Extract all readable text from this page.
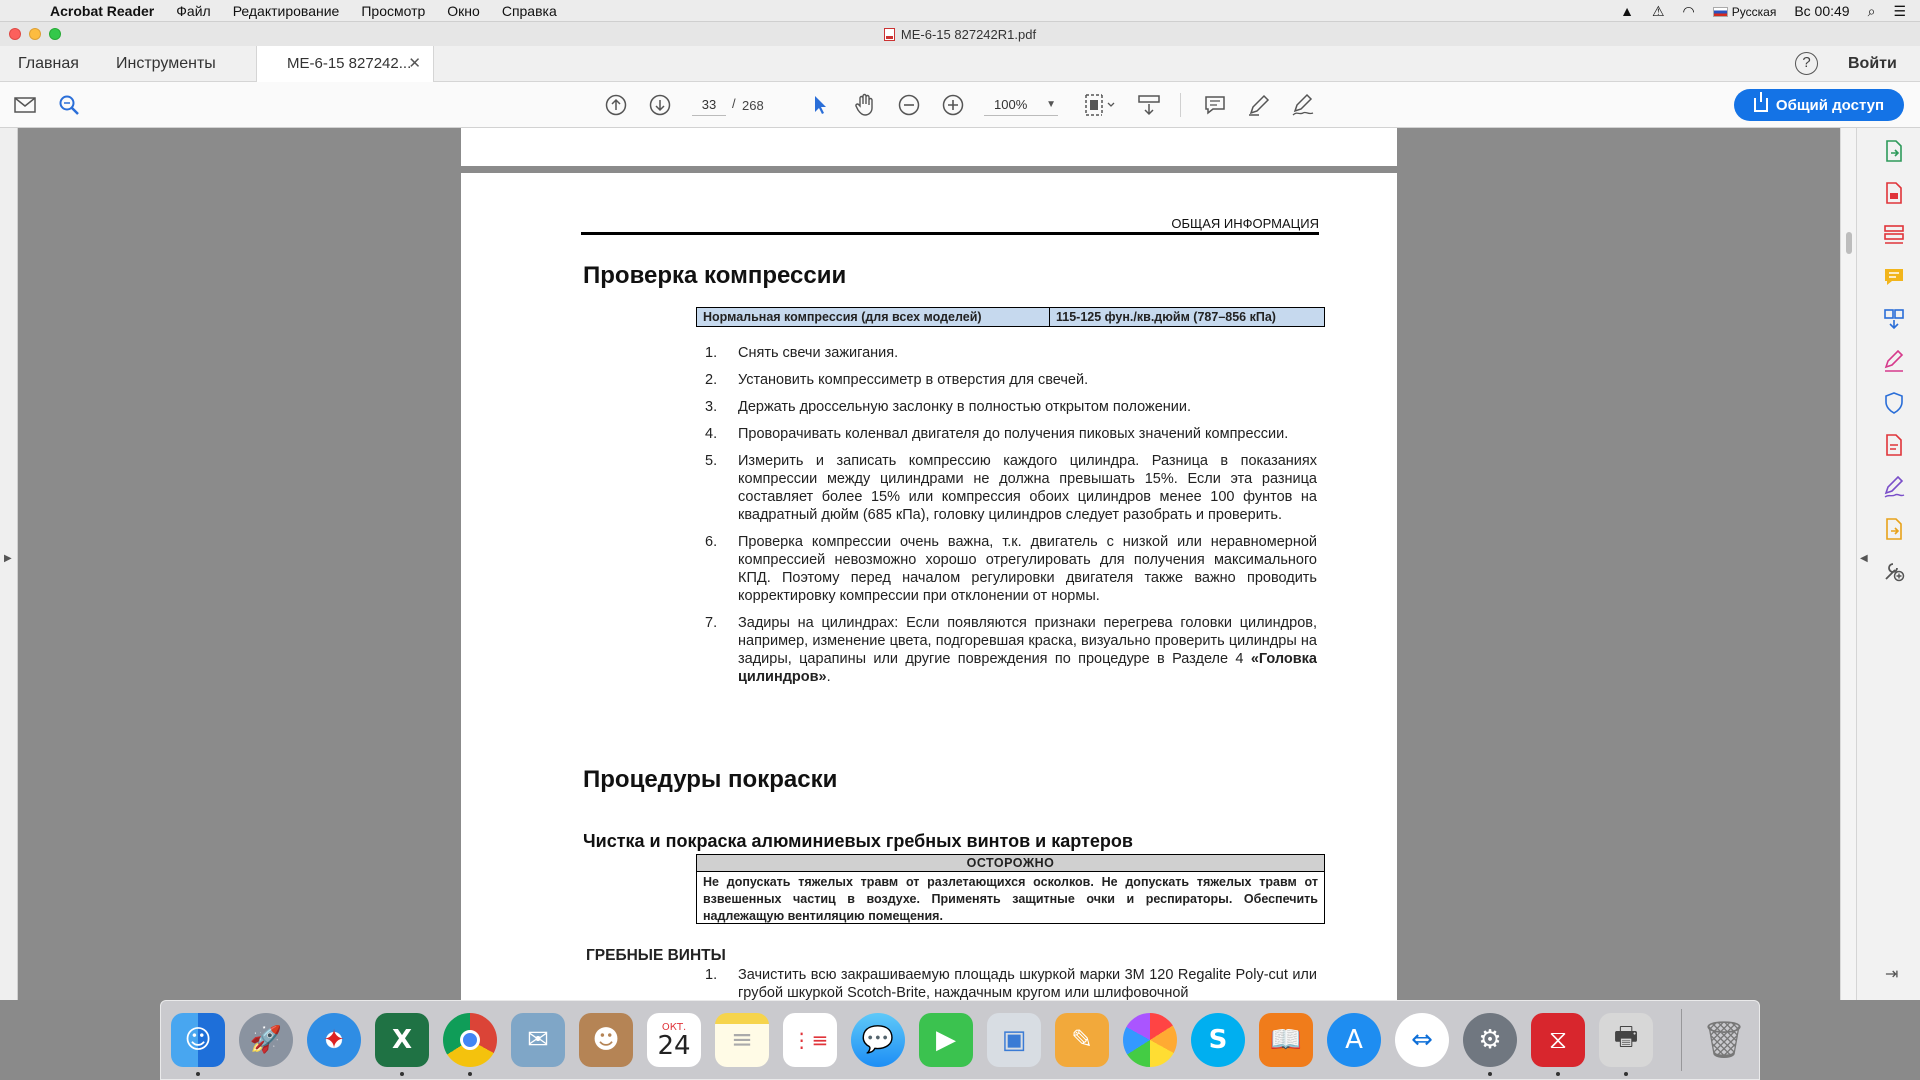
Acrobat Reader Файл Редактирование Просмотр Окно Справка	▲ ⚠ ◠	Русская Вс 00:49 ⌕ ☰
ME-6-15 827242R1.pdf
Главная Инструменты	ME-6-15 827242...
✕	?	Войти
33
/ 268	100% ▼	Общий доступ
▶
ОБЩАЯ ИНФОРМАЦИЯ
Проверка компрессии
Нормальная компрессия (для всех моделей)	115-125 фун./кв.дюйм (787–856 кПа)
1. Снять свечи зажигания.
2. Установить компрессиметр в отверстия для свечей.
3. Держать дроссельную заслонку в полностью открытом положении.
4. Проворачивать коленвал двигателя до получения пиковых значений компрессии.
5. Измерить и записать компрессию каждого цилиндра. Разница в показаниях компрессии между цилиндрами не должна превышать 15%. Если эта разница составляет более 15% или компрессия обоих цилиндров менее 100 фунтов на квадратный дюйм (685 кПа), головку цилиндров следует разобрать и проверить.
6. Проверка компрессии очень важна, т.к. двигатель с низкой или неравномерной компрессией невозможно хорошо отрегулировать для получения максимального КПД. Поэтому перед началом регулировки двигателя также важно проводить корректировку компрессии при отклонении от нормы.
7. Задиры на цилиндрах: Если появляются признаки перегрева головки цилиндров, например, изменение цвета, подгоревшая краска, визуально проверить цилиндры на задиры, царапины или другие повреждения по процедуре в Разделе 4 «Головка цилиндров».
Процедуры покраски
Чистка и покраска алюминиевых гребных винтов и картеров
ОСТОРОЖНО
Не допускать тяжелых травм от разлетающихся осколков. Не допускать тяжелых травм от взвешенных частиц в воздухе. Применять защитные очки и респираторы. Обеспечить надлежащую вентиляцию помещения.
ГРЕБНЫЕ ВИНТЫ
1.	Зачистить всю закрашиваемую площадь шкуркой марки 3M 120 Regalite Poly-cut или грубой шкуркой Scotch-Brite, наждачным кругом или шлифовочной
◀
⇥
☺	🚀	✦	X	✉	☻	ОКТ.
24	≡	⋮≡	💬	▶	▣	✎	S	📖	A	⇔	⚙	⧖	🖶	🗑
